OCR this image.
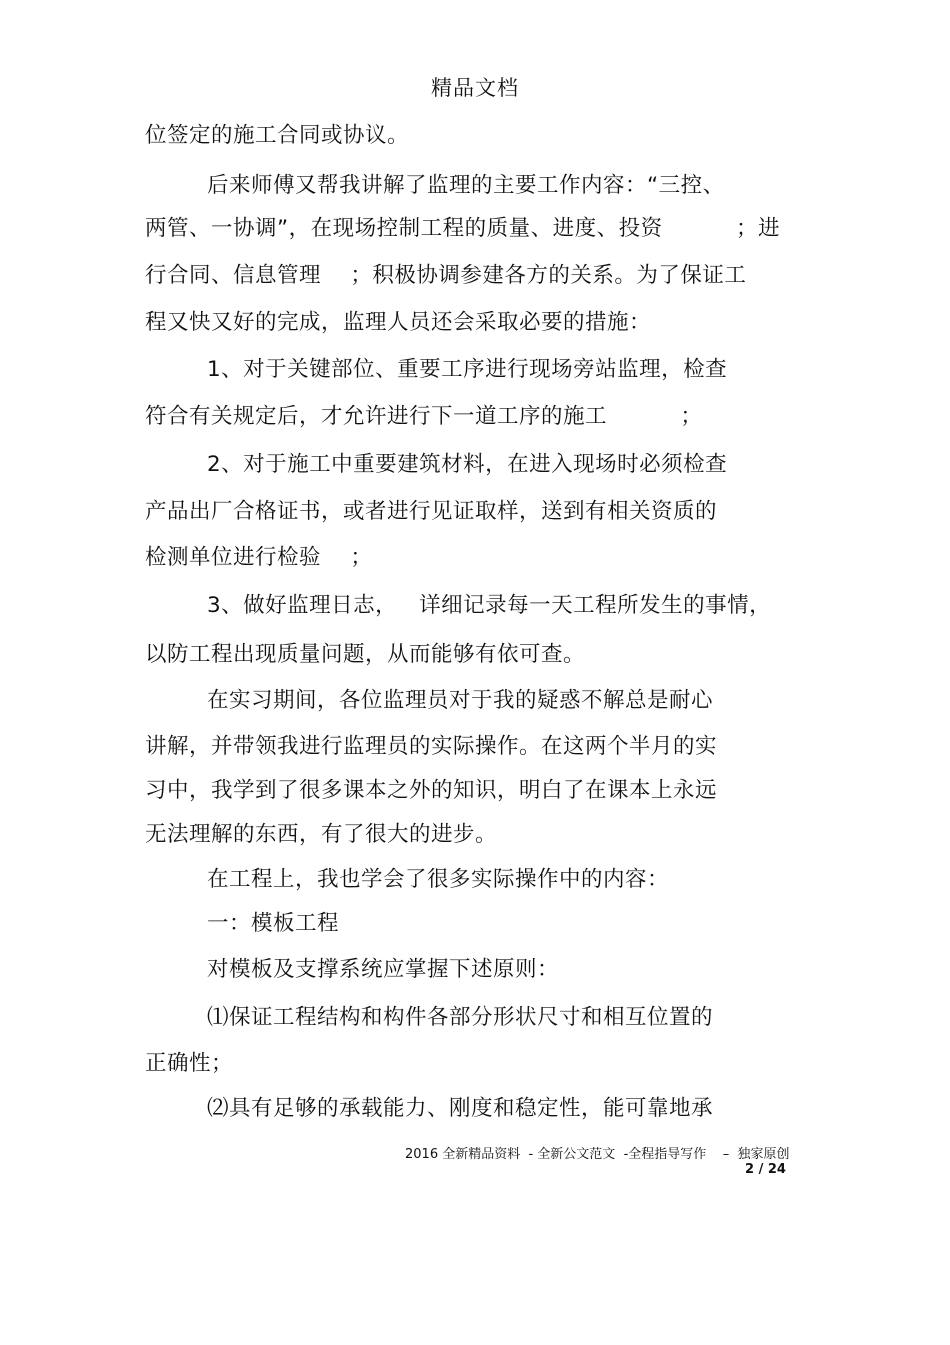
精品文档
位签定的施工合同或协议。
后来师傅又帮我讲解了监理的主要工作内容：“三控、
两管、一协调”，在现场控制工程的质量、进度、投资          ；进
行合同、信息管理    ；积极协调参建各方的关系。为了保证工
程又快又好的完成，监理人员还会采取必要的措施：
1、对于关键部位、重要工序进行现场旁站监理，检查
符合有关规定后，才允许进行下一道工序的施工          ；
2、对于施工中重要建筑材料，在进入现场时必须检查
产品出厂合格证书，或者进行见证取样，送到有相关资质的
检测单位进行检验    ；
3、做好监理日志，   详细记录每一天工程所发生的事情，
以防工程出现质量问题，从而能够有依可查。
在实习期间，各位监理员对于我的疑惑不解总是耐心
讲解，并带领我进行监理员的实际操作。在这两个半月的实
习中，我学到了很多课本之外的知识，明白了在课本上永远
无法理解的东西，有了很大的进步。
在工程上，我也学会了很多实际操作中的内容：
一：模板工程
对模板及支撑系统应掌握下述原则：
⑴保证工程结构和构件各部分形状尺寸和相互位置的
正确性；
⑵具有足够的承载能力、刚度和稳定性，能可靠地承
2016 全新精品资料  - 全新公文范文  -全程指导写作    –  独家原创
2 / 24
